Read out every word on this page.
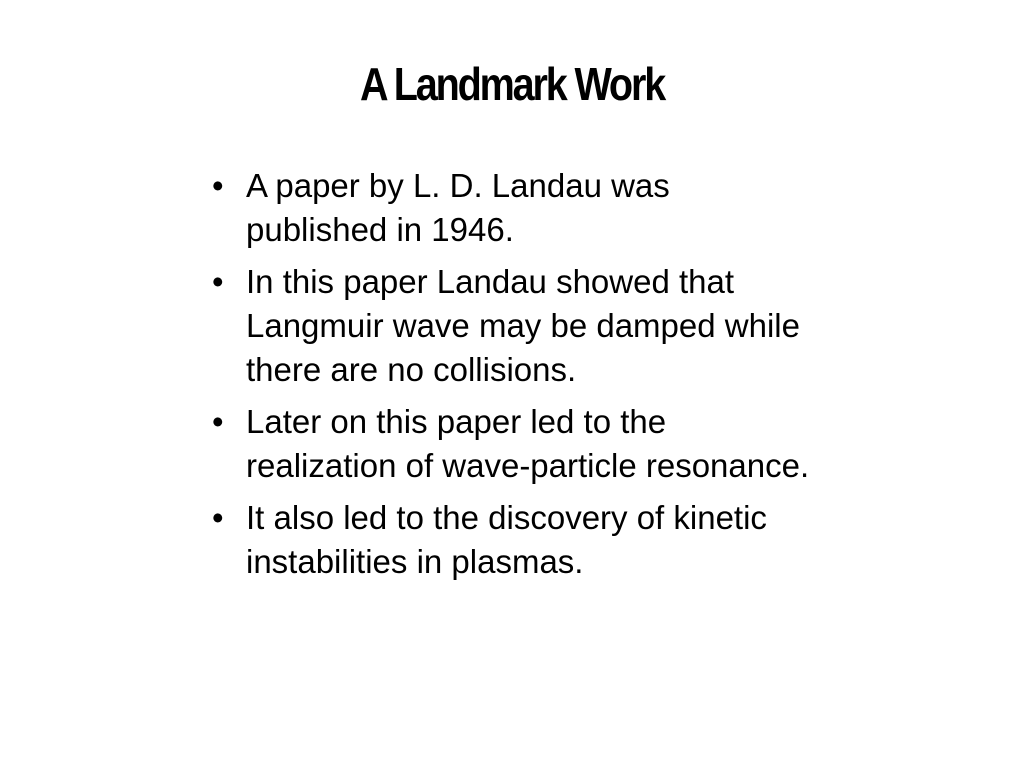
A Landmark Work
• A paper by L. D. Landau was published in 1946.
• In this paper Landau showed that Langmuir wave may be damped while there are no collisions.
• Later on this paper led to the realization of wave-particle resonance.
• It also led to the discovery of kinetic instabilities in plasmas.
